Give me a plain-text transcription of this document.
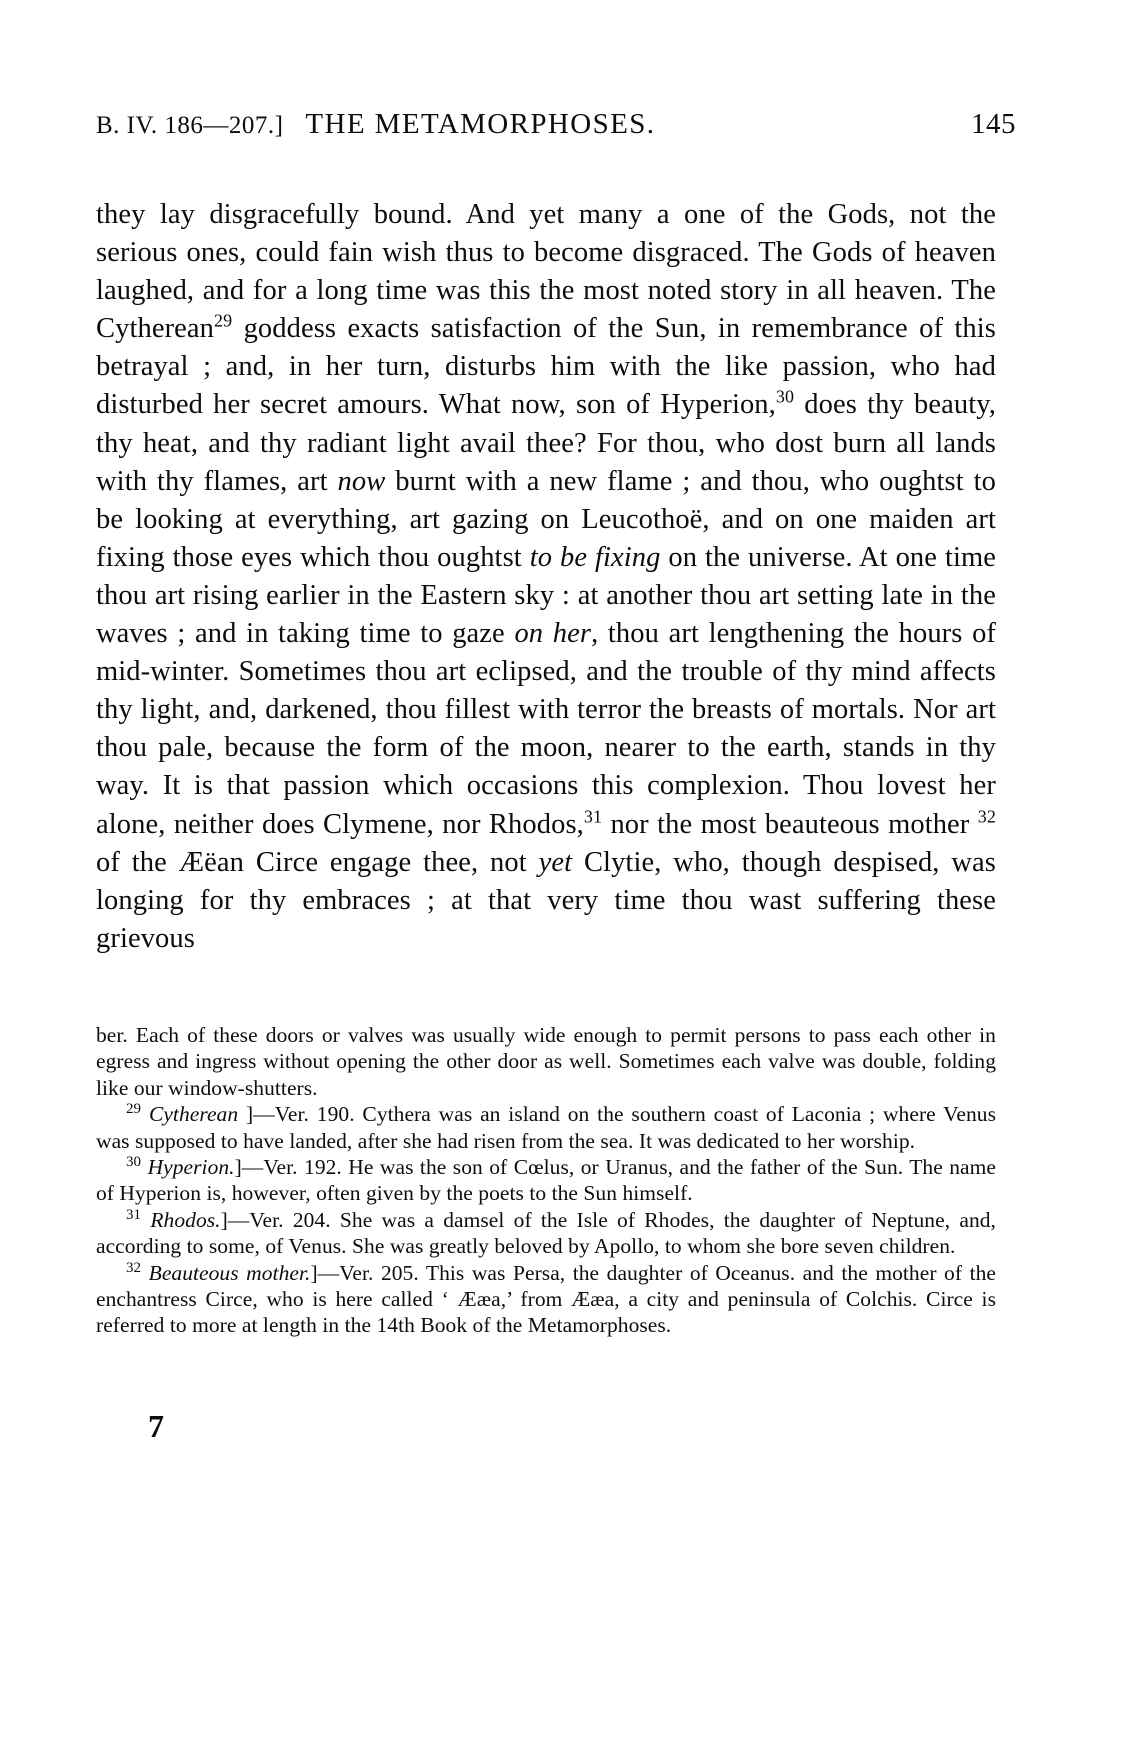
B. IV. 186—207.] THE METAMORPHOSES.	145
they lay disgracefully bound. And yet many a one of the Gods, not the serious ones, could fain wish thus to become disgraced. The Gods of heaven laughed, and for a long time was this the most noted story in all heaven. The Cytherean$^{29}$ goddess exacts satisfaction of the Sun, in remembrance of this betrayal ; and, in her turn, disturbs him with the like passion, who had disturbed her secret amours. What now, son of Hyperion,$^{30}$ does thy beauty, thy heat, and thy radiant light avail thee? For thou, who dost burn all lands with thy flames, art now burnt with a new flame ; and thou, who oughtst to be looking at everything, art gazing on Leucothoë, and on one maiden art fixing those eyes which thou oughtst to be fixing on the universe. At one time thou art rising earlier in the Eastern sky : at another thou art setting late in the waves ; and in taking time to gaze on her, thou art lengthening the hours of mid-winter. Sometimes thou art eclipsed, and the trouble of thy mind affects thy light, and, darkened, thou fillest with terror the breasts of mortals. Nor art thou pale, because the form of the moon, nearer to the earth, stands in thy way. It is that passion which occasions this complexion. Thou lovest her alone, neither does Clymene, nor Rhodos,$^{31}$ nor the most beauteous mother $^{32}$ of the Æëan Circe engage thee, not yet Clytie, who, though despised, was longing for thy embraces ; at that very time thou wast suffering these grievous

ber. Each of these doors or valves was usually wide enough to permit persons to pass each other in egress and ingress without opening the other door as well. Sometimes each valve was double, folding like our window-shutters.

$^{29}$ Cytherean ]—Ver. 190. Cythera was an island on the southern coast of Laconia ; where Venus was supposed to have landed, after she had risen from the sea. It was dedicated to her worship.

$^{30}$ Hyperion.]—Ver. 192. He was the son of Cœlus, or Uranus, and the father of the Sun. The name of Hyperion is, however, often given by the poets to the Sun himself.

$^{31}$ Rhodos.]—Ver. 204. She was a damsel of the Isle of Rhodes, the daughter of Neptune, and, according to some, of Venus. She was greatly beloved by Apollo, to whom she bore seven children.

$^{32}$ Beauteous mother.]—Ver. 205. This was Persa, the daughter of Oceanus. and the mother of the enchantress Circe, who is here called ‘ Ææa,’ from Ææa, a city and peninsula of Colchis. Circe is referred to more at length in the 14th Book of the Metamorphoses.

7
